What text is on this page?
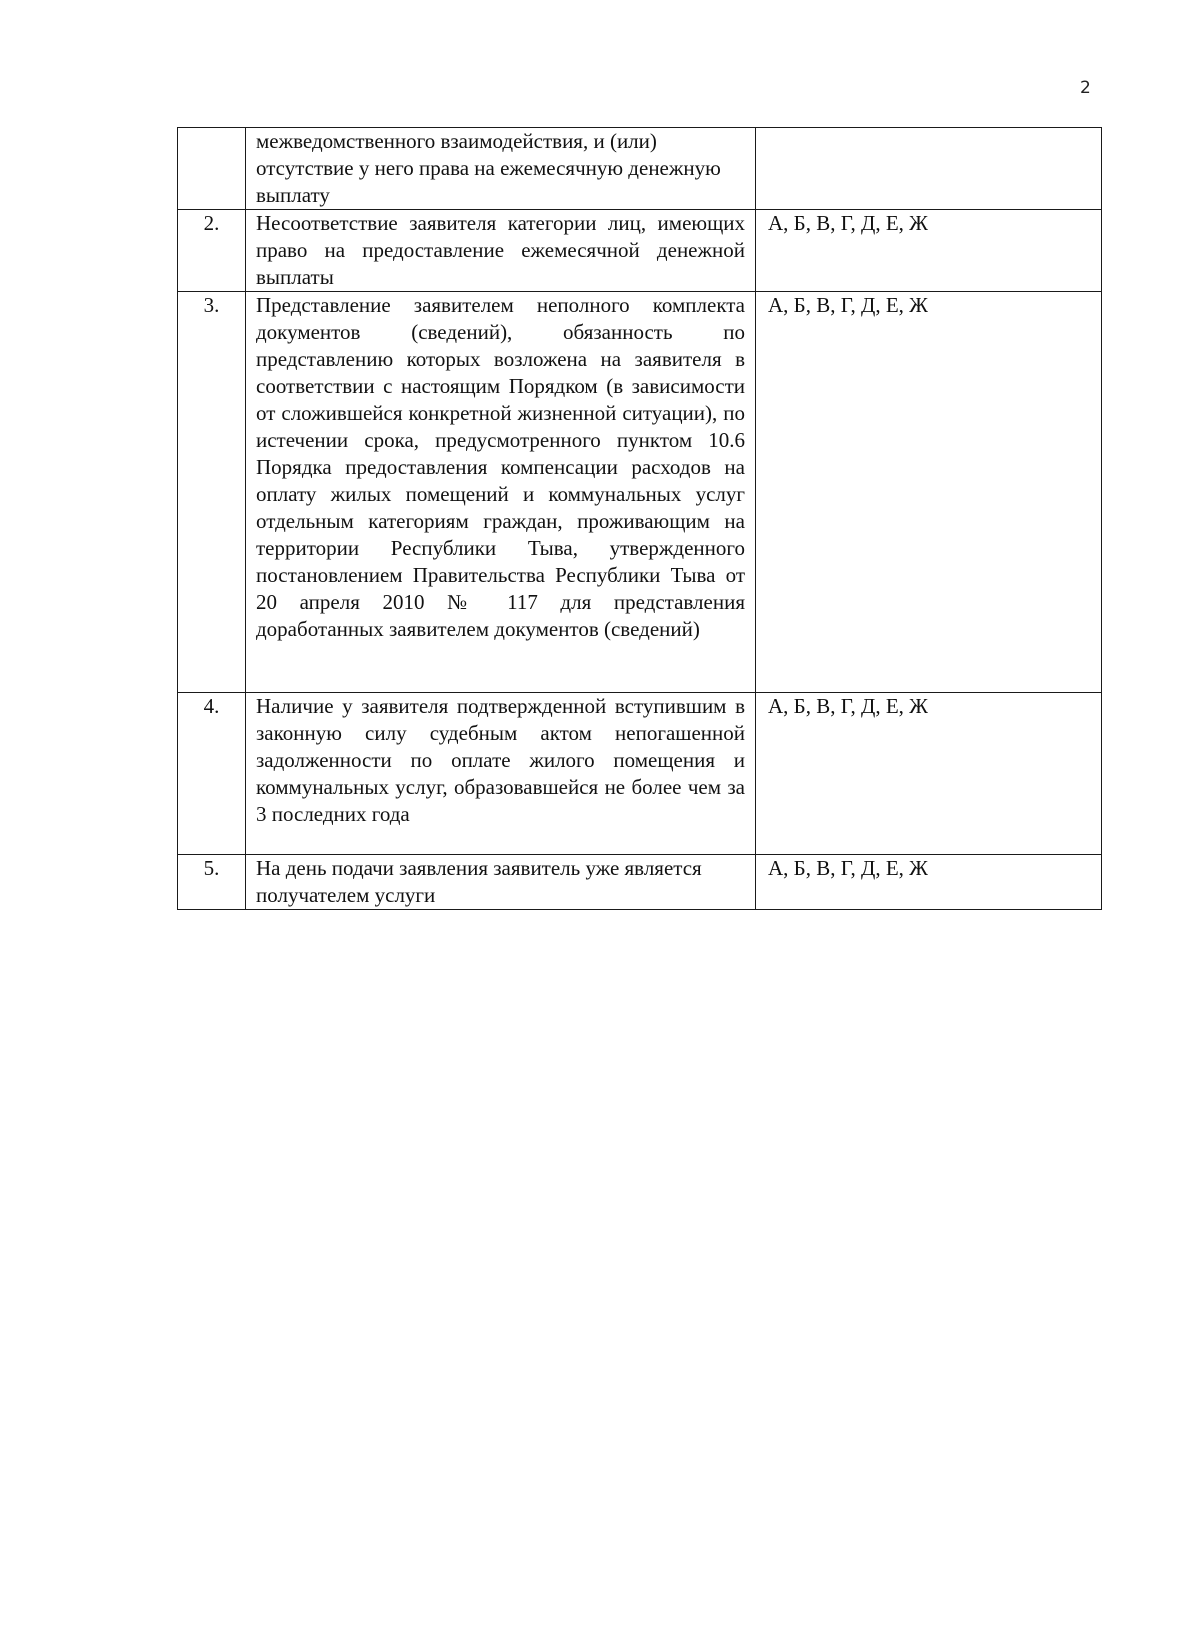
2
	межведомственного взаимодействия, и (или) отсутствие у него права на ежемесячную денежную выплату	
2.	Несоответствие заявителя категории лиц, имеющих право на предоставление ежемесячной денежной выплаты	А, Б, В, Г, Д, Е, Ж
3.	Представление заявителем неполного комплекта документов (сведений), обязанность по представлению которых возложена на заявителя в соответствии с настоящим Порядком (в зависимости от сложившейся конкретной жизненной ситуации), по истечении срока, предусмотренного пунктом 10.6 Порядка предоставления компенсации расходов на оплату жилых помещений и коммунальных услуг отдельным категориям граждан, проживающим на территории Республики Тыва, утвержденного постановлением Правительства Республики Тыва от 20 апреля 2010 № 117 для представления доработанных заявителем документов (сведений)	А, Б, В, Г, Д, Е, Ж
4.	Наличие у заявителя подтвержденной вступившим в законную силу судебным актом непогашенной задолженности по оплате жилого помещения и коммунальных услуг, образовавшейся не более чем за 3 последних года	А, Б, В, Г, Д, Е, Ж
5.	На день подачи заявления заявитель уже является получателем услуги	А, Б, В, Г, Д, Е, Ж
